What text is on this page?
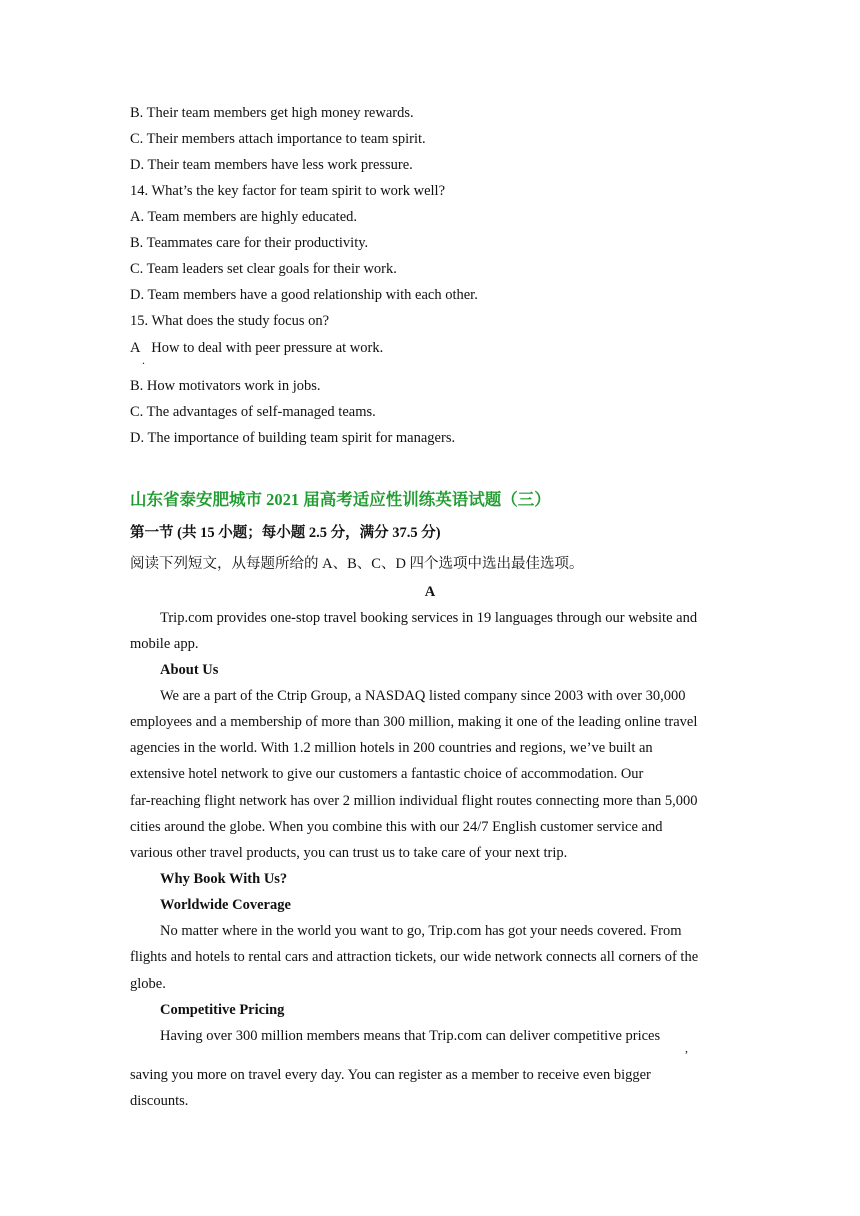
B. Their team members get high money rewards.
C. Their members attach importance to team spirit.
D. Their team members have less work pressure.
14. What’s the key factor for team spirit to work well?
A. Team members are highly educated.
B. Teammates care for their productivity.
C. Team leaders set clear goals for their work.
D. Team members have a good relationship with each other.
15. What does the study focus on?
A How to deal with peer pressure at work.
.
B. How motivators work in jobs.
C. The advantages of self-managed teams.
D. The importance of building team spirit for managers.
山东省泰安肥城市 2021 届高考适应性训练英语试题（三）
第一节 (共 15 小题；每小题 2.5 分，满分 37.5 分)
阅读下列短文，从每题所给的 A、B、C、D 四个选项中选出最佳选项。
A
Trip.com provides one-stop travel booking services in 19 languages through our website and
mobile app.
About Us
We are a part of the Ctrip Group, a NASDAQ listed company since 2003 with over 30,000
employees and a membership of more than 300 million, making it one of the leading online travel
agencies in the world. With 1.2 million hotels in 200 countries and regions, we’ve built an
extensive hotel network to give our customers a fantastic choice of accommodation. Our
far-reaching flight network has over 2 million individual flight routes connecting more than 5,000
cities around the globe. When you combine this with our 24/7 English customer service and
various other travel products, you can trust us to take care of your next trip.
Why Book With Us?
Worldwide Coverage
No matter where in the world you want to go, Trip.com has got your needs covered. From
flights and hotels to rental cars and attraction tickets, our wide network connects all corners of the
globe.
Competitive Pricing
Having over 300 million members means that Trip.com can deliver competitive prices
,
saving you more on travel every day. You can register as a member to receive even bigger
discounts.
